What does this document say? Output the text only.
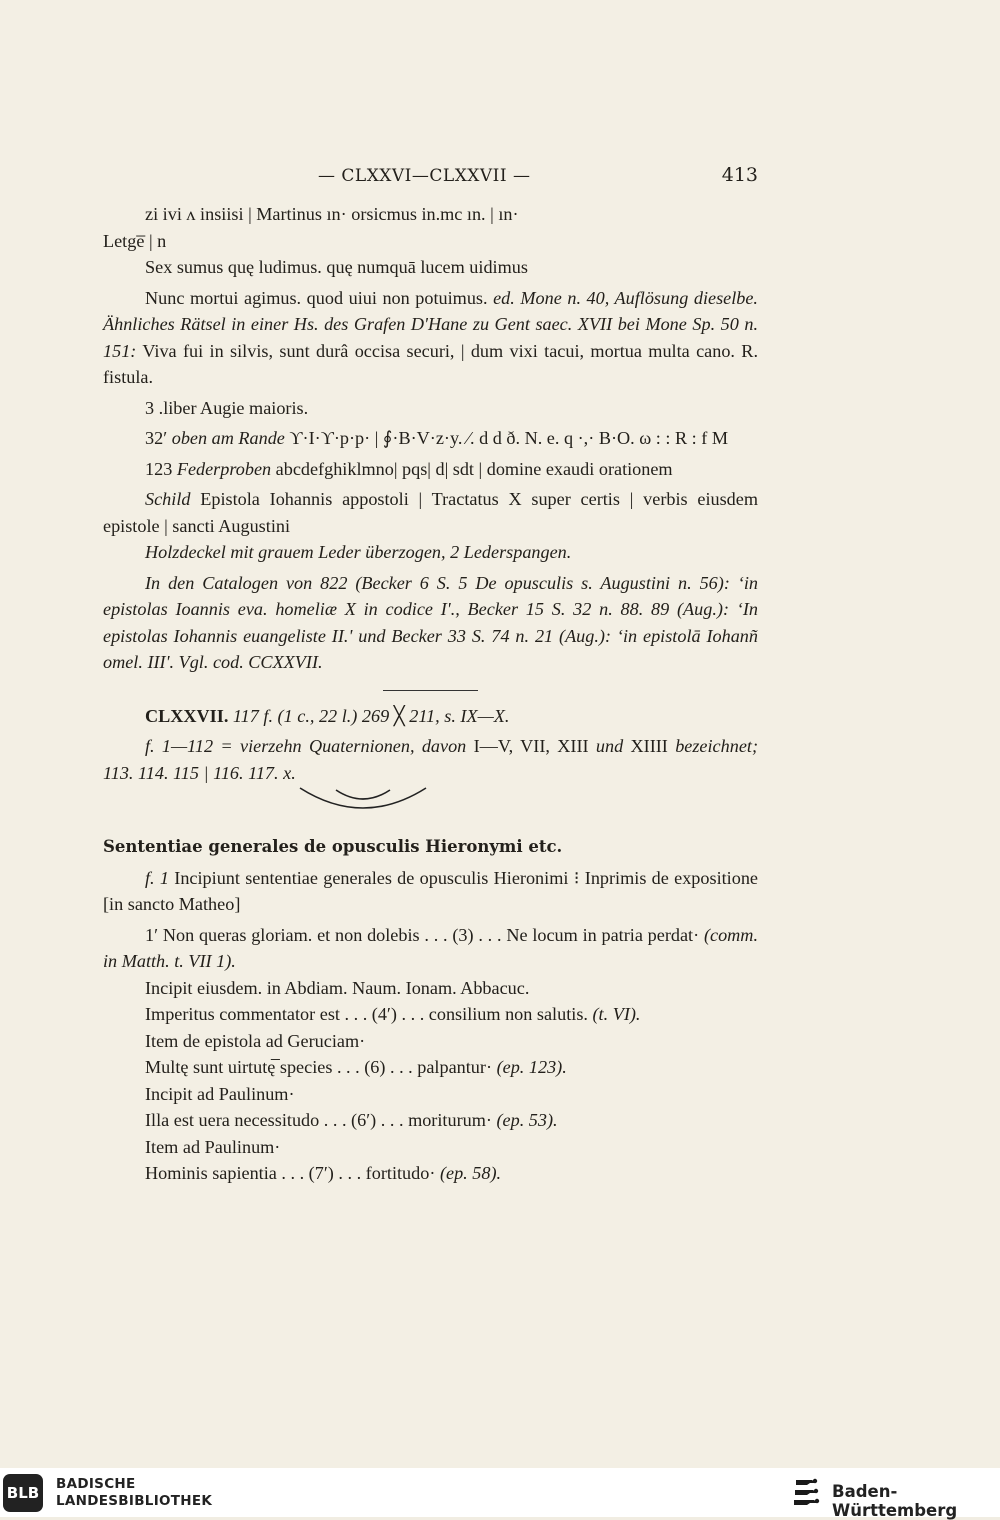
— CLXXVI—CLXXVII —	413

zi ivi ʌ insiisi | Martinus ın· orsicmus in.mc ın. | ın·

Letge̅ | n

Sex sumus quę ludimus. quę numquā lucem uidimus

Nunc mortui agimus. quod uiui non potuimus. ed. Mone n. 40, Auflösung dieselbe. Ähnliches Rätsel in einer Hs. des Grafen D'Hane zu Gent saec. XVII bei Mone Sp. 50 n. 151: Viva fui in silvis, sunt durâ occisa securi, | dum vixi tacui, mortua multa cano. R. fistula.

3 .liber Augie maioris.

32′ oben am Rande ϒ·I·ϒ·p·p· | ∮·B·V·z·y. ⁄. d d ð. N. e. q ·,· B·O. ω : : R : f M

123 Federproben abcdefghiklmno| pqs| d| sdt | domine exaudi orationem

Schild Epistola Iohannis appostoli | Tractatus X super certis | verbis eiusdem epistole | sancti Augustini

Holzdeckel mit grauem Leder überzogen, 2 Lederspangen.

In den Catalogen von 822 (Becker 6 S. 5 De opusculis s. Augustini n. 56): ʻin epistolas Ioannis eva. homeliæ X in codice I'., Becker 15 S. 32 n. 88. 89 (Aug.): ʻIn epistolas Iohannis euangeliste II.' und Becker 33 S. 74 n. 21 (Aug.): ʻin epistolā Iohanñ omel. III'. Vgl. cod. CCXXVII.

CLXXVII. 117 f. (1 c., 22 l.) 269 ╳ 211, s. IX—X.

f. 1—112 = vierzehn Quaternionen, davon I—V, VII, XIII und XIIII bezeichnet; 113. 114. 115 | 116. 117. x.

Sententiae generales de opusculis Hieronymi etc.

f. 1 Incipiunt sententiae generales de opusculis Hieronimi ⁝ Inprimis de expositione [in sancto Matheo]

1′ Non queras gloriam. et non dolebis . . . (3) . . . Ne locum in patria perdat· (comm. in Matth. t. VII 1).

Incipit eiusdem. in Abdiam. Naum. Ionam. Abbacuc.

Imperitus commentator est . . . (4′) . . . consilium non salutis. (t. VI).

Item de epistola ad Geruciam·

Multę sunt uirtutę̅ species . . . (6) . . . palpantur· (ep. 123).

Incipit ad Paulinum·

Illa est uera necessitudo . . . (6′) . . . moriturum· (ep. 53).

Item ad Paulinum·

Hominis sapientia . . . (7′) . . . fortitudo· (ep. 58).

BLB BADISCHE
LANDESBIBLIOTHEK	Baden-Württemberg
